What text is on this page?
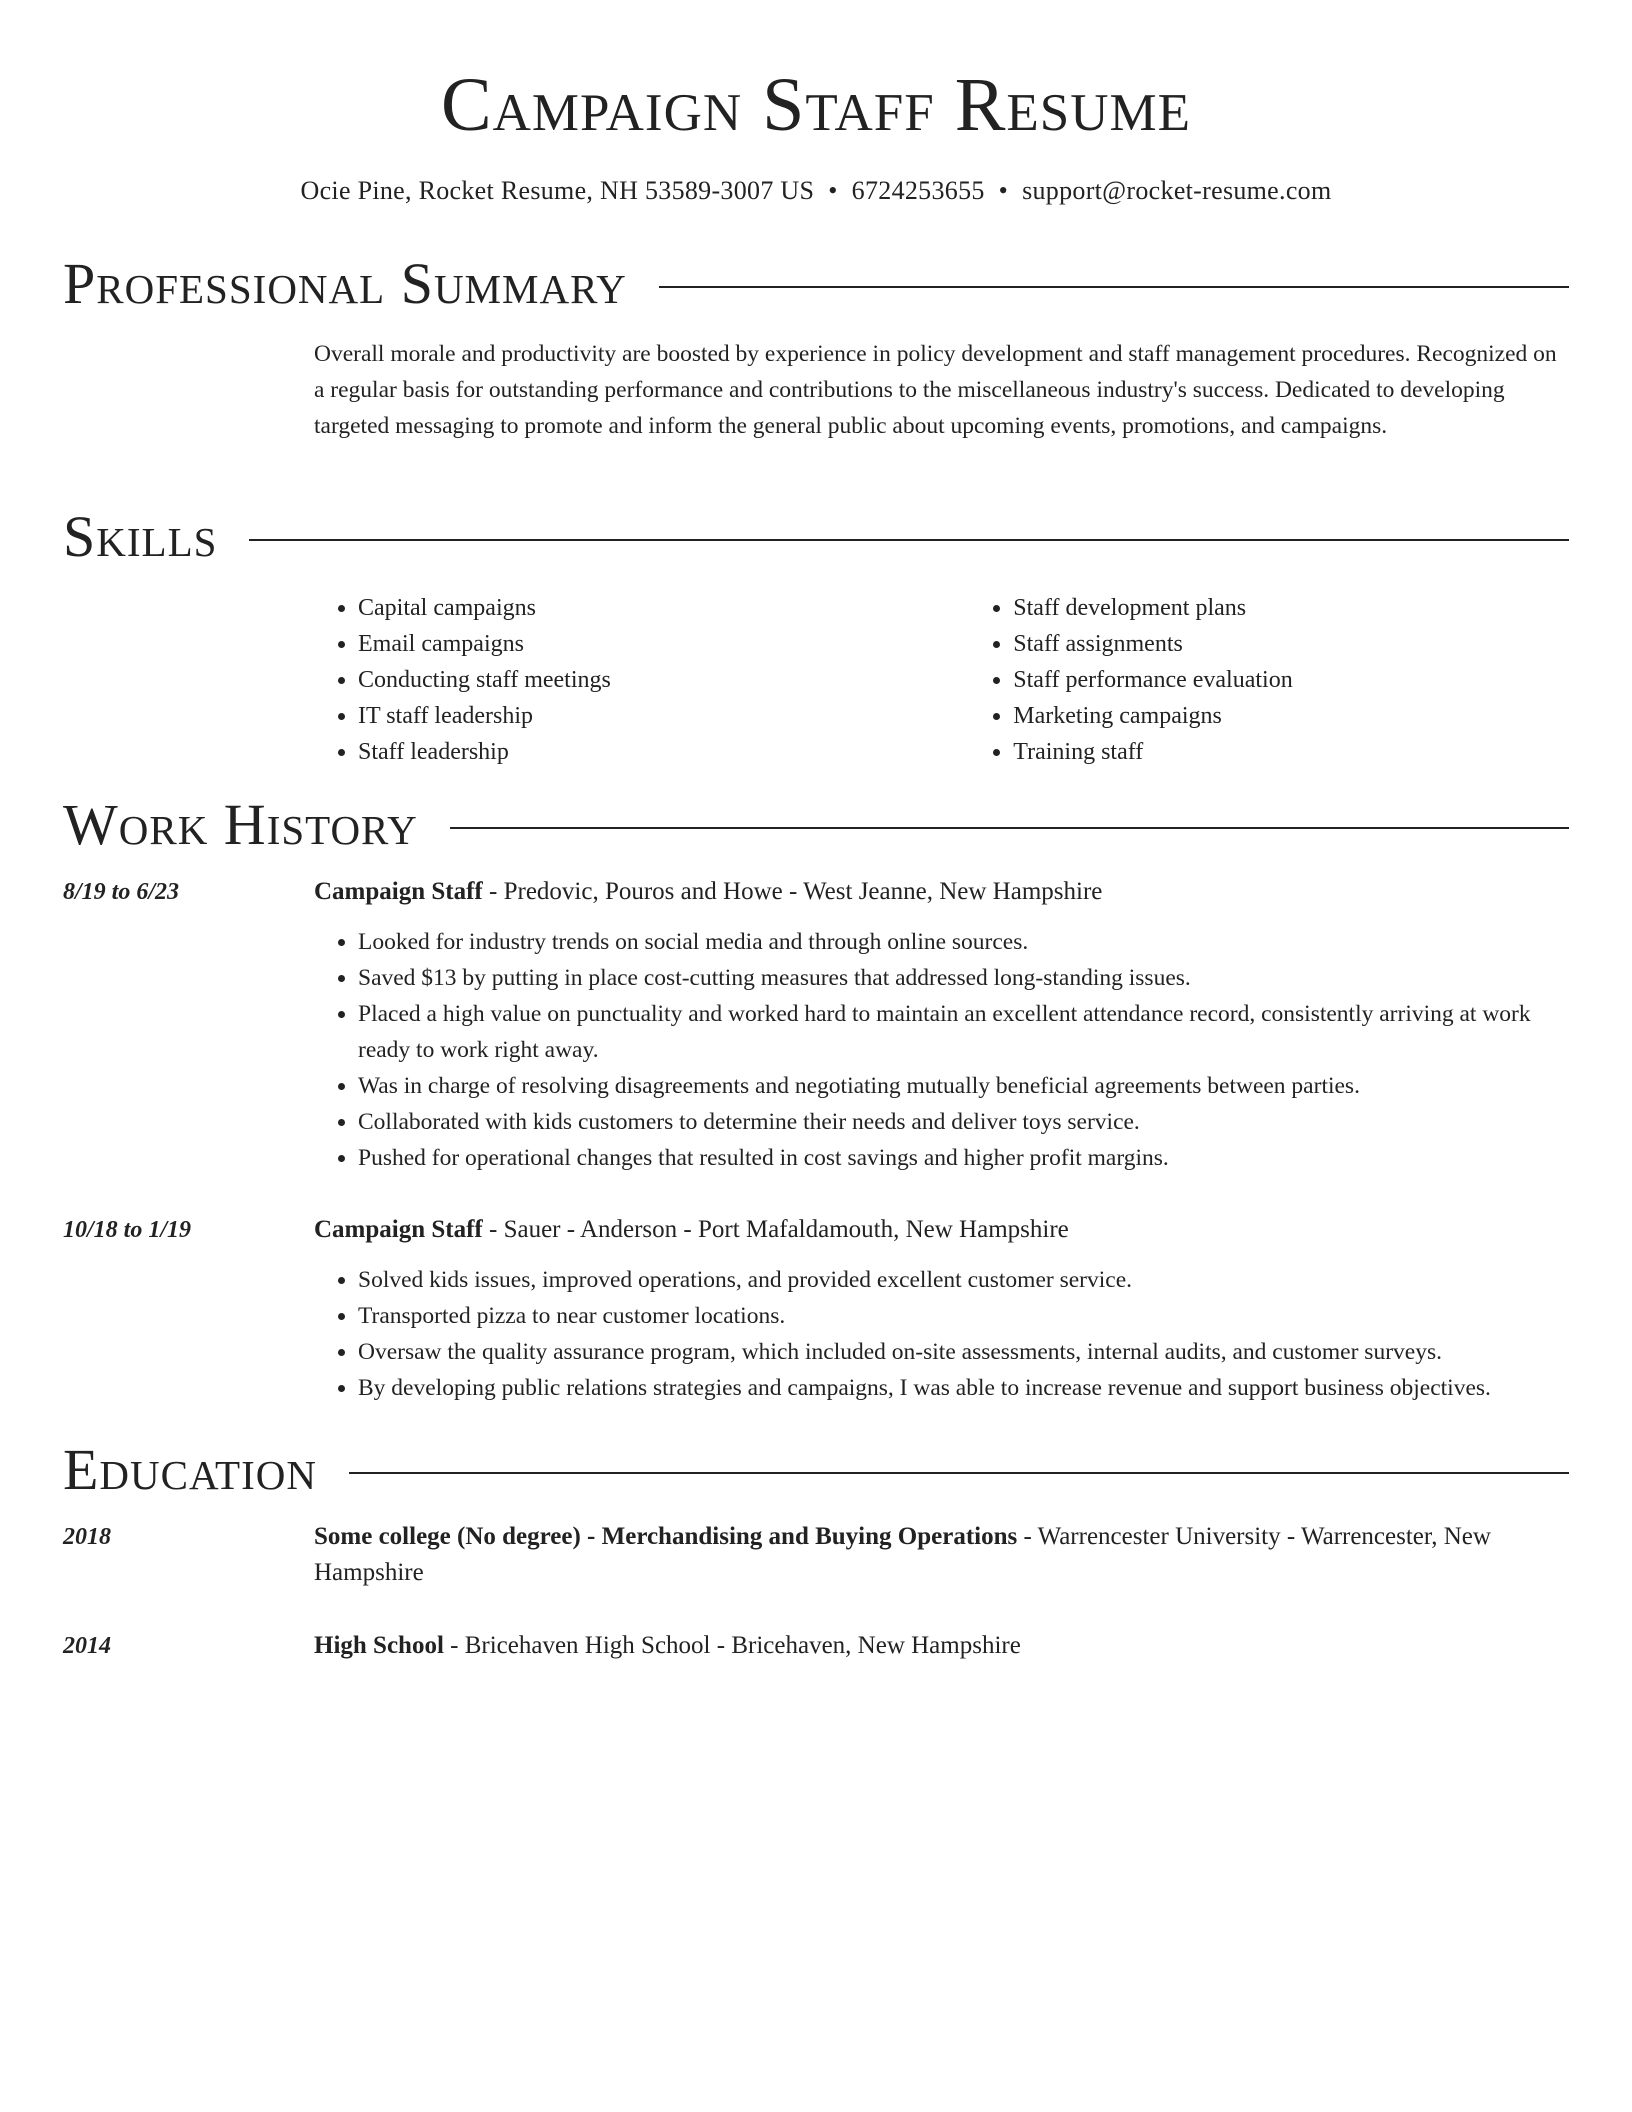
Campaign Staff Resume
Ocie Pine, Rocket Resume, NH 53589-3007 US • 6724253655 • support@rocket-resume.com
Professional Summary

Overall morale and productivity are boosted by experience in policy development and staff management procedures. Recognized on a regular basis for outstanding performance and contributions to the miscellaneous industry's success. Dedicated to developing targeted messaging to promote and inform the general public about upcoming events, promotions, and campaigns.

Skills
• Capital campaigns
• Email campaigns
• Conducting staff meetings
• IT staff leadership
• Staff leadership
• Staff development plans
• Staff assignments
• Staff performance evaluation
• Marketing campaigns
• Training staff
Work History
8/19 to 6/23	Campaign Staff - Predovic, Pouros and Howe - West Jeanne, New Hampshire
• Looked for industry trends on social media and through online sources.
• Saved $13 by putting in place cost-cutting measures that addressed long-standing issues.
• Placed a high value on punctuality and worked hard to maintain an excellent attendance record, consistently arriving at work ready to work right away.
• Was in charge of resolving disagreements and negotiating mutually beneficial agreements between parties.
• Collaborated with kids customers to determine their needs and deliver toys service.
• Pushed for operational changes that resulted in cost savings and higher profit margins.
10/18 to 1/19	Campaign Staff - Sauer - Anderson - Port Mafaldamouth, New Hampshire
• Solved kids issues, improved operations, and provided excellent customer service.
• Transported pizza to near customer locations.
• Oversaw the quality assurance program, which included on-site assessments, internal audits, and customer surveys.
• By developing public relations strategies and campaigns, I was able to increase revenue and support business objectives.
Education
2018	Some college (No degree) - Merchandising and Buying Operations - Warrencester University - Warrencester, New Hampshire
2014	High School - Bricehaven High School - Bricehaven, New Hampshire
